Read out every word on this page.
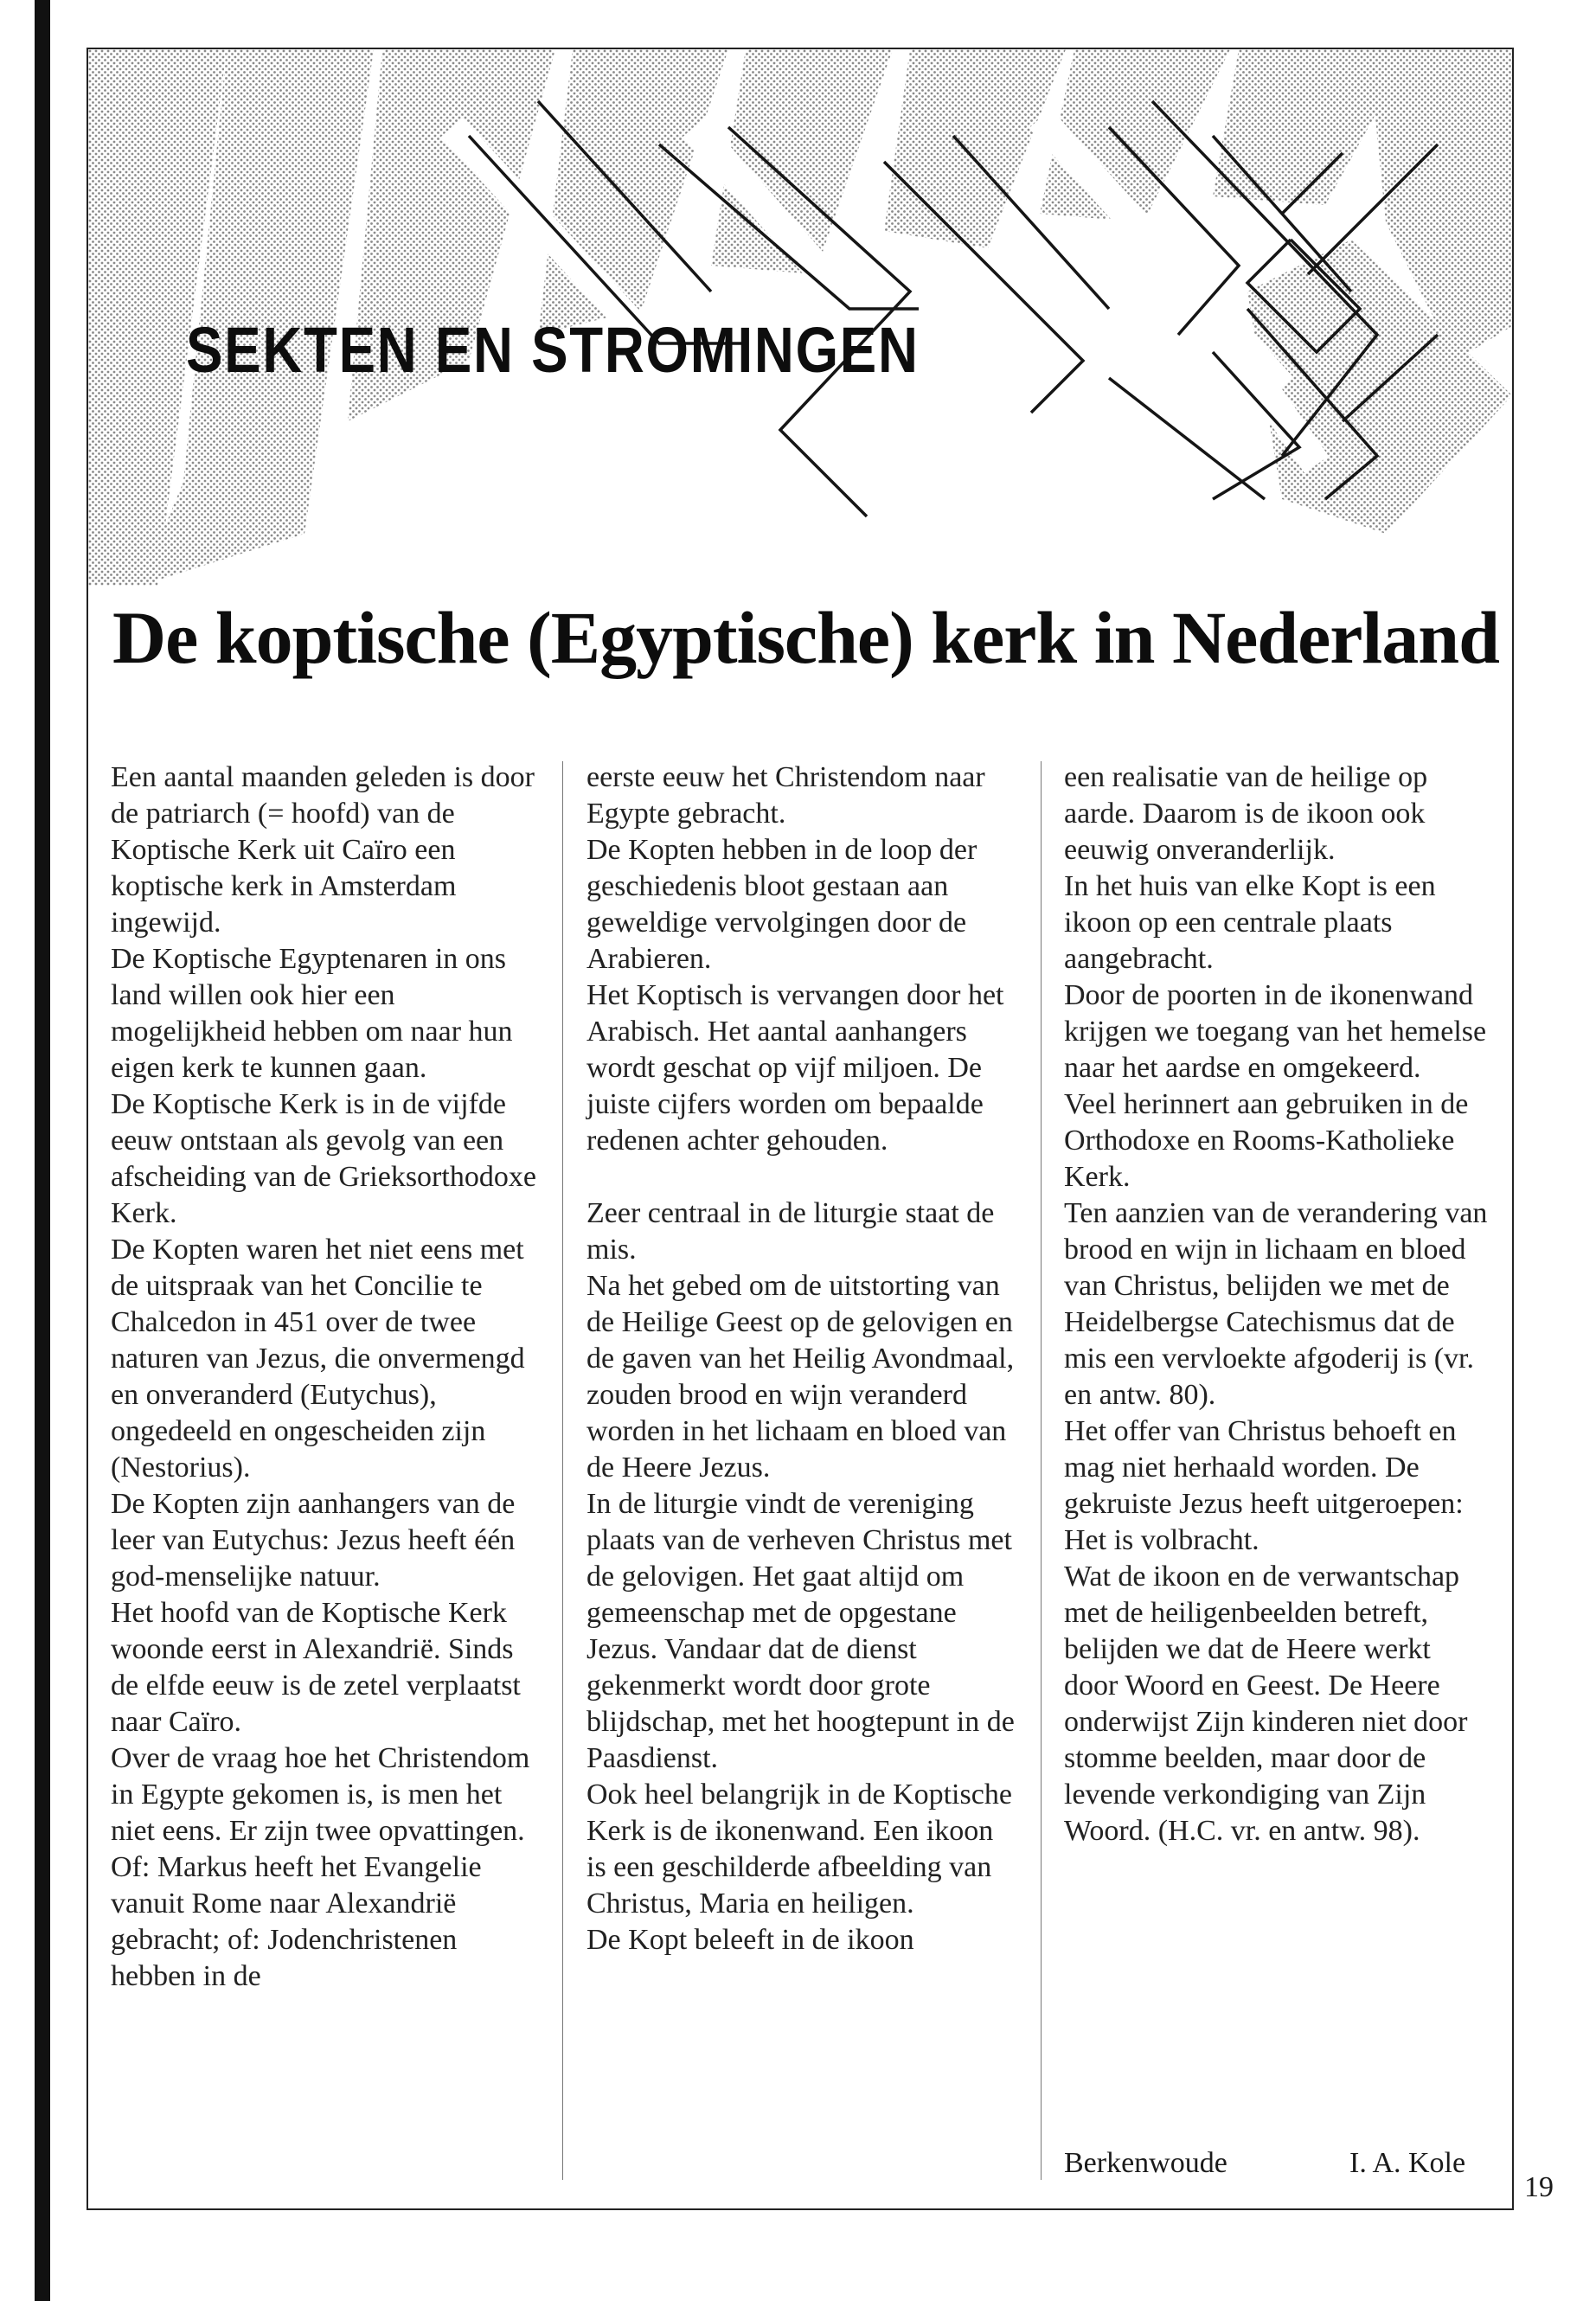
SEKTEN EN STROMINGEN
De koptische (Egyptische) kerk in Nederland

Een aantal maanden geleden is door de patriarch (= hoofd) van de Koptische Kerk uit Caïro een koptische kerk in Amsterdam ingewijd.

De Koptische Egyptenaren in ons land willen ook hier een mogelijkheid hebben om naar hun eigen kerk te kunnen gaan.

De Koptische Kerk is in de vijfde eeuw ontstaan als gevolg van een afscheiding van de Grieksorthodoxe Kerk.

De Kopten waren het niet eens met de uitspraak van het Concilie te Chalcedon in 451 over de twee naturen van Jezus, die onvermengd en onveranderd (Eutychus), ongedeeld en ongescheiden zijn (Nestorius).

De Kopten zijn aanhangers van de leer van Eutychus: Jezus heeft één god-menselijke natuur.

Het hoofd van de Koptische Kerk woonde eerst in Alexandrië. Sinds de elfde eeuw is de zetel verplaatst naar Caïro.

Over de vraag hoe het Christendom in Egypte gekomen is, is men het niet eens. Er zijn twee opvattingen. Of: Markus heeft het Evangelie vanuit Rome naar Alexandrië gebracht; of: Jodenchristenen hebben in de

eerste eeuw het Christendom naar Egypte gebracht.

De Kopten hebben in de loop der geschiedenis bloot gestaan aan geweldige vervolgingen door de Arabieren.

Het Koptisch is vervangen door het Arabisch. Het aantal aanhangers wordt geschat op vijf miljoen. De juiste cijfers worden om bepaalde redenen achter gehouden.

Zeer centraal in de liturgie staat de mis.

Na het gebed om de uitstorting van de Heilige Geest op de gelovigen en de gaven van het Heilig Avondmaal, zouden brood en wijn veranderd worden in het lichaam en bloed van de Heere Jezus.

In de liturgie vindt de vereniging plaats van de verheven Christus met de gelovigen. Het gaat altijd om gemeenschap met de opgestane Jezus. Vandaar dat de dienst gekenmerkt wordt door grote blijdschap, met het hoogtepunt in de Paasdienst.

Ook heel belangrijk in de Koptische Kerk is de ikonenwand. Een ikoon is een geschilderde afbeelding van Christus, Maria en heiligen.

De Kopt beleeft in de ikoon

een realisatie van de heilige op aarde. Daarom is de ikoon ook eeuwig onveranderlijk.

In het huis van elke Kopt is een ikoon op een centrale plaats aangebracht.

Door de poorten in de ikonenwand krijgen we toegang van het hemelse naar het aardse en omgekeerd.

Veel herinnert aan gebruiken in de Orthodoxe en Rooms-Katholieke Kerk.

Ten aanzien van de verandering van brood en wijn in lichaam en bloed van Christus, belijden we met de Heidelbergse Catechismus dat de mis een vervloekte afgoderij is (vr. en antw. 80).

Het offer van Christus behoeft en mag niet herhaald worden. De gekruiste Jezus heeft uitgeroepen: Het is volbracht.

Wat de ikoon en de verwantschap met de heiligenbeelden betreft, belijden we dat de Heere werkt door Woord en Geest. De Heere onderwijst Zijn kinderen niet door stomme beelden, maar door de levende verkondiging van Zijn Woord. (H.C. vr. en antw. 98).

Berkenwoude	I. A. Kole
19
